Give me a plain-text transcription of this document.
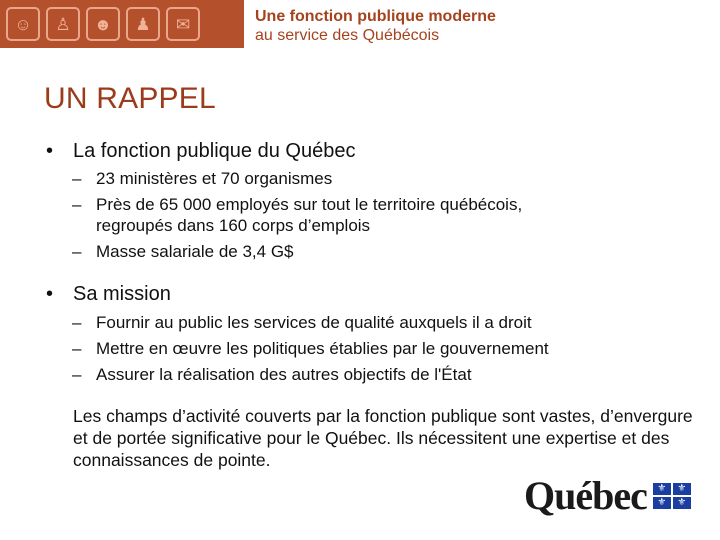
☺	♙	☻	♟	✉	Une fonction publique moderne
au service des Québécois
UN RAPPEL
• La fonction publique du Québec
– 23 ministères et 70 organismes
– Près de 65 000 employés sur tout le territoire québécois,
regroupés dans 160 corps d’emplois
– Masse salariale de 3,4 G$
• Sa mission
– Fournir au public les services de qualité auxquels il a droit
– Mettre en œuvre les politiques établies par le gouvernement
– Assurer la réalisation des autres objectifs de l'État

Les champs d’activité couverts par la fonction publique sont vastes, d’envergure et de portée significative pour le Québec. Ils nécessitent une expertise et des connaissances de pointe.

Québec	⚜	⚜
⚜	⚜
